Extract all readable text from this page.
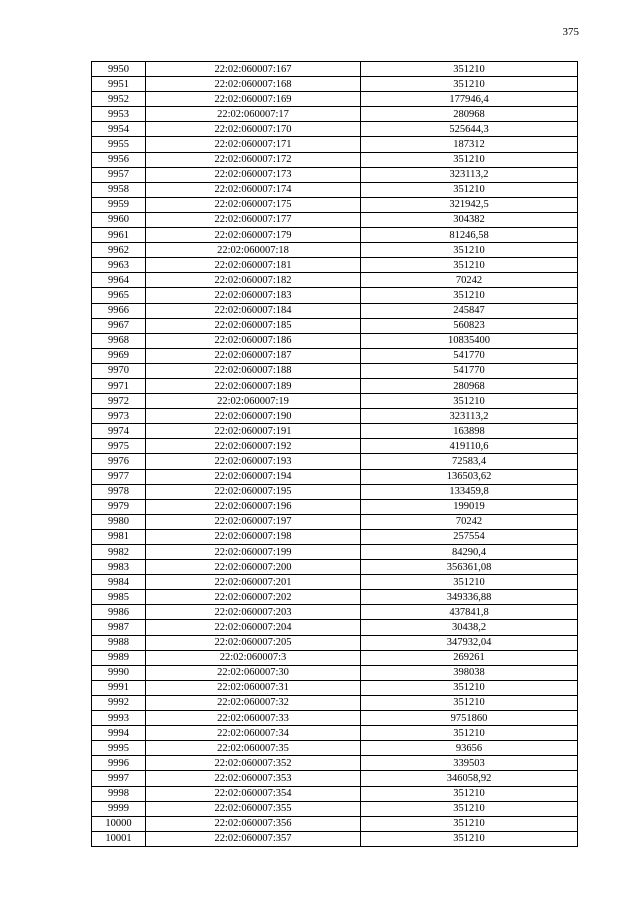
375
9950	22:02:060007:167	351210
9951	22:02:060007:168	351210
9952	22:02:060007:169	177946,4
9953	22:02:060007:17	280968
9954	22:02:060007:170	525644,3
9955	22:02:060007:171	187312
9956	22:02:060007:172	351210
9957	22:02:060007:173	323113,2
9958	22:02:060007:174	351210
9959	22:02:060007:175	321942,5
9960	22:02:060007:177	304382
9961	22:02:060007:179	81246,58
9962	22:02:060007:18	351210
9963	22:02:060007:181	351210
9964	22:02:060007:182	70242
9965	22:02:060007:183	351210
9966	22:02:060007:184	245847
9967	22:02:060007:185	560823
9968	22:02:060007:186	10835400
9969	22:02:060007:187	541770
9970	22:02:060007:188	541770
9971	22:02:060007:189	280968
9972	22:02:060007:19	351210
9973	22:02:060007:190	323113,2
9974	22:02:060007:191	163898
9975	22:02:060007:192	419110,6
9976	22:02:060007:193	72583,4
9977	22:02:060007:194	136503,62
9978	22:02:060007:195	133459,8
9979	22:02:060007:196	199019
9980	22:02:060007:197	70242
9981	22:02:060007:198	257554
9982	22:02:060007:199	84290,4
9983	22:02:060007:200	356361,08
9984	22:02:060007:201	351210
9985	22:02:060007:202	349336,88
9986	22:02:060007:203	437841,8
9987	22:02:060007:204	30438,2
9988	22:02:060007:205	347932,04
9989	22:02:060007:3	269261
9990	22:02:060007:30	398038
9991	22:02:060007:31	351210
9992	22:02:060007:32	351210
9993	22:02:060007:33	9751860
9994	22:02:060007:34	351210
9995	22:02:060007:35	93656
9996	22:02:060007:352	339503
9997	22:02:060007:353	346058,92
9998	22:02:060007:354	351210
9999	22:02:060007:355	351210
10000	22:02:060007:356	351210
10001	22:02:060007:357	351210
